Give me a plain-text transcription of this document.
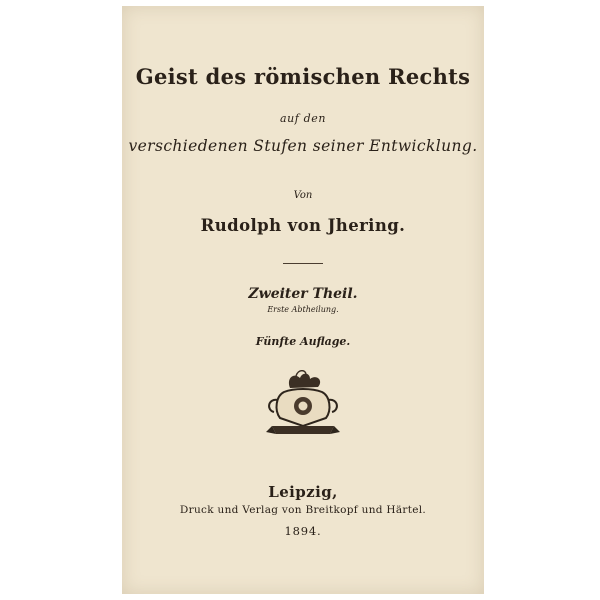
Geist des römischen Rechts
auf den
verschiedenen Stufen seiner Entwicklung.
Von
Rudolph von Jhering.
Zweiter Theil.
Erste Abtheilung.
Fünfte Auflage.
Leipzig,
Druck und Verlag von Breitkopf und Härtel.
1894.
